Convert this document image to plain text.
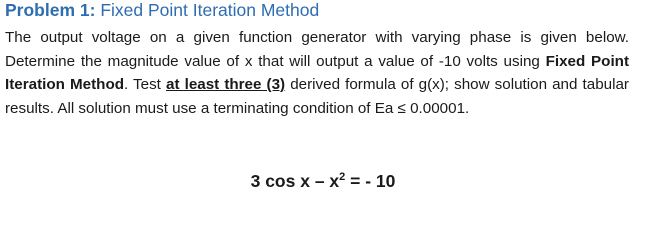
Problem 1: Fixed Point Iteration Method
The output voltage on a given function generator with varying phase is given below. Determine the magnitude value of x that will output a value of -10 volts using Fixed Point Iteration Method. Test at least three (3) derived formula of g(x); show solution and tabular results. All solution must use a terminating condition of Ea ≤ 0.00001.
3 cos x – $x^2$ = - 10
